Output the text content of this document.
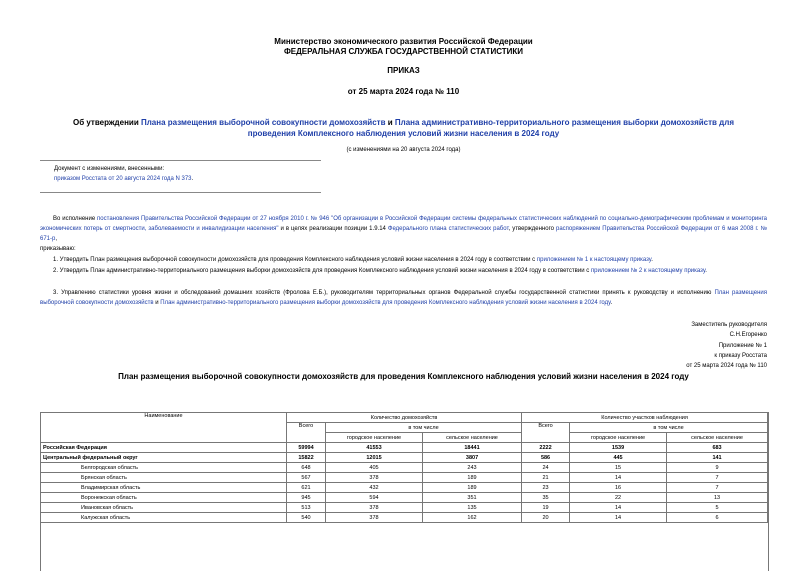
Министерство экономического развития Российской Федерации
ФЕДЕРАЛЬНАЯ СЛУЖБА ГОСУДАРСТВЕННОЙ СТАТИСТИКИ
ПРИКАЗ
от 25 марта 2024 года № 110
Об утверждении Плана размещения выборочной совокупности домохозяйств и Плана административно-территориального размещения выборки домохозяйств для проведения Комплексного наблюдения условий жизни населения в 2024 году
(с изменениями на 20 августа 2024 года)
Документ с изменениями, внесенными:
приказом Росстата от 20 августа 2024 года N 373.
Во исполнение постановления Правительства Российской Федерации от 27 ноября 2010 г. № 946 "Об организации в Российской Федерации системы федеральных статистических наблюдений по социально-демографическим проблемам и мониторинга экономических потерь от смертности, заболеваемости и инвалидизации населения" и в целях реализации позиции 1.9.14 Федерального плана статистических работ, утвержденного распоряжением Правительства Российской Федерации от 6 мая 2008 г. № 671-р,
приказываю:
1. Утвердить План размещения выборочной совокупности домохозяйств для проведения Комплексного наблюдения условий жизни населения в 2024 году в соответствии с приложением № 1 к настоящему приказу.
2. Утвердить План административно-территориального размещения выборки домохозяйств для проведения Комплексного наблюдения условий жизни населения в 2024 году в соответствии с приложением № 2 к настоящему приказу.
3. Управлению статистики уровня жизни и обследований домашних хозяйств (Фролова Е.Б.), руководителям территориальных органов Федеральной службы государственной статистики принять к руководству и исполнению План размещения выборочной совокупности домохозяйств и План административно-территориального размещения выборки домохозяйств для проведения Комплексного наблюдения условий жизни населения в 2024 году.
Заместитель руководителя
С.Н.Егоренко
Приложение № 1
к приказу Росстата
от 25 марта 2024 года № 110
План размещения выборочной совокупности домохозяйств для проведения Комплексного наблюдения условий жизни населения в 2024 году
Наименование	Количество домохозяйств			Количество участков наблюдения		
	Всего	в том числе		Всего	в том числе	
		городское население	сельское население		городское население	сельское население
Российская Федерация	59994	41553	18441	2222	1539	683
Центральный федеральный округ	15822	12015	3807	586	445	141
Белгородская область	648	405	243	24	15	9
Брянская область	567	378	189	21	14	7
Владимирская область	621	432	189	23	16	7
Воронежская область	945	594	351	35	22	13
Ивановская область	513	378	135	19	14	5
Калужская область	540	378	162	20	14	6
